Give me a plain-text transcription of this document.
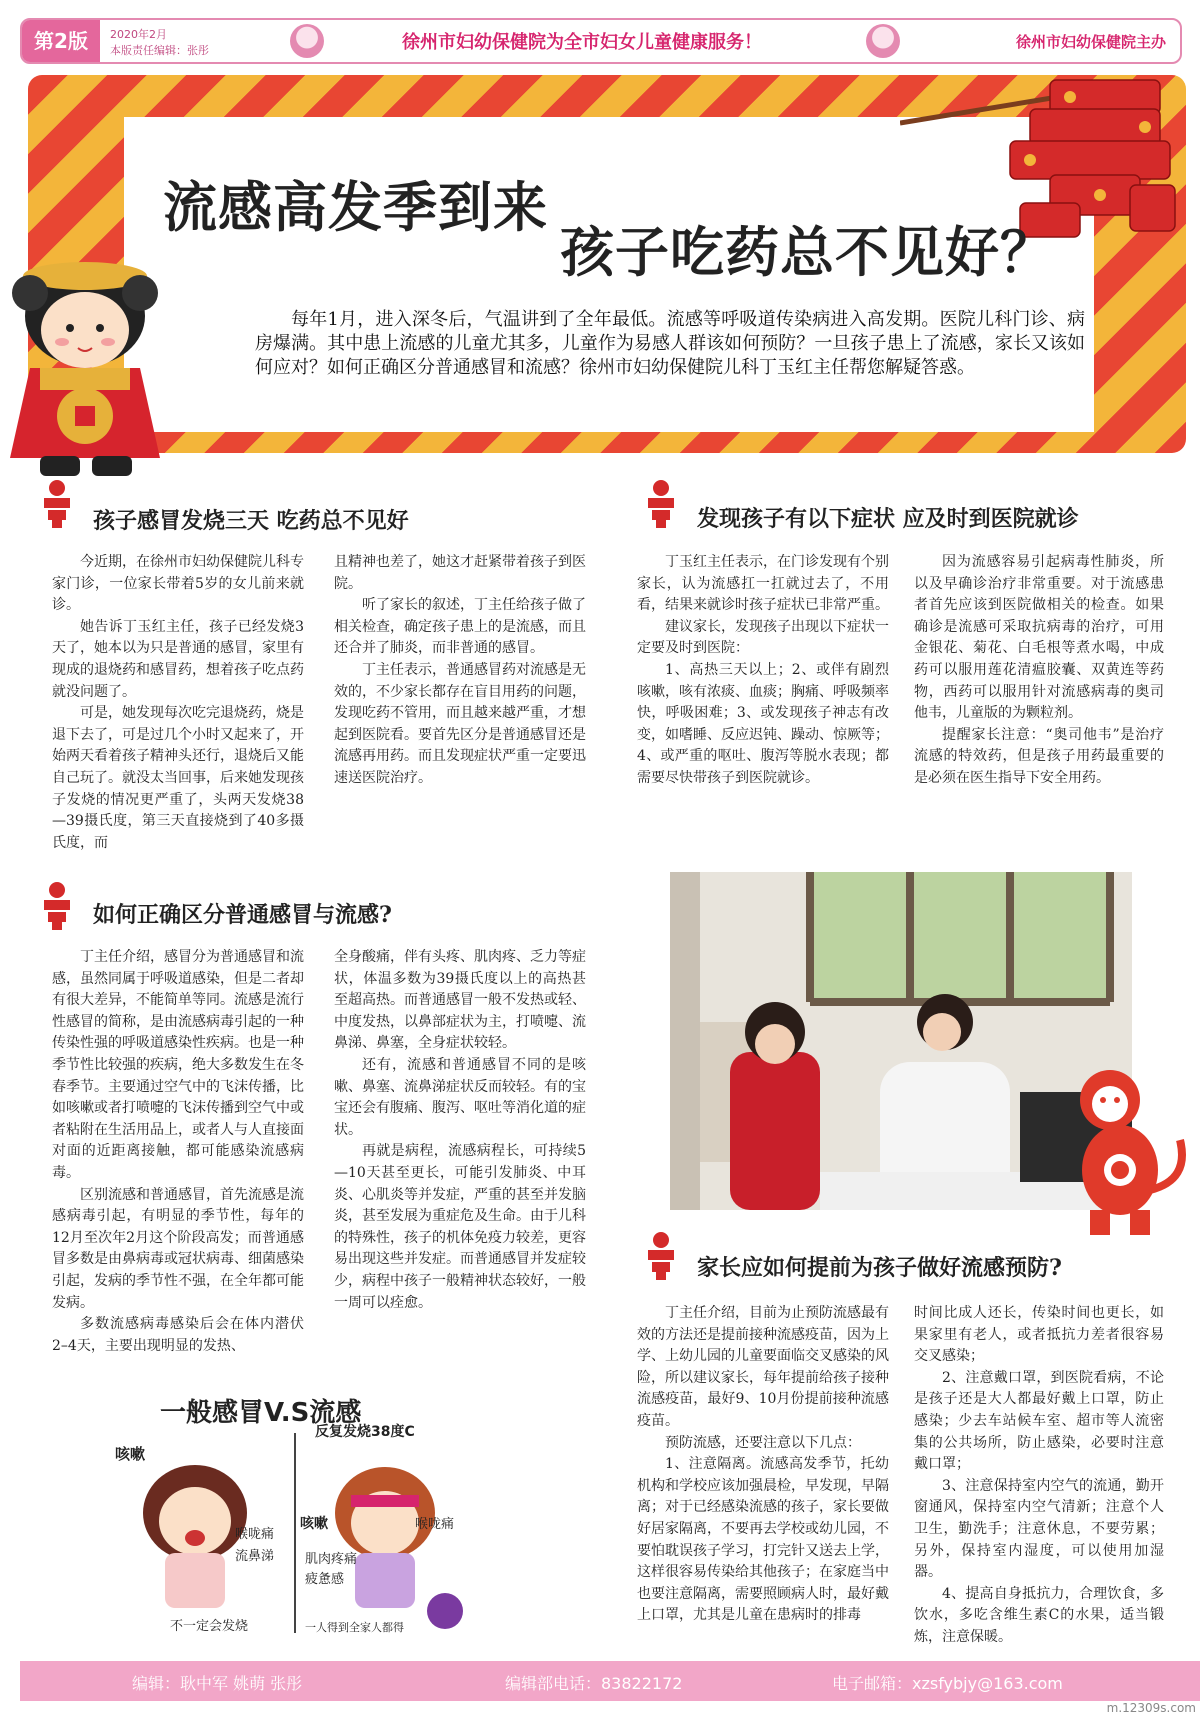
第2版	2020年2月
本版责任编辑：张彤	徐州市妇幼保健院为全市妇女儿童健康服务！	徐州市妇幼保健院主办
流感高发季到来
孩子吃药总不见好？
每年1月，进入深冬后，气温讲到了全年最低。流感等呼吸道传染病进入高发期。医院儿科门诊、病房爆满。其中患上流感的儿童尤其多，儿童作为易感人群该如何预防？一旦孩子患上了流感，家长又该如何应对？如何正确区分普通感冒和流感？徐州市妇幼保健院儿科丁玉红主任帮您解疑答惑。
孩子感冒发烧三天 吃药总不见好

今近期，在徐州市妇幼保健院儿科专家门诊，一位家长带着5岁的女儿前来就诊。

她告诉丁玉红主任，孩子已经发烧3天了，她本以为只是普通的感冒，家里有现成的退烧药和感冒药，想着孩子吃点药就没问题了。

可是，她发现每次吃完退烧药，烧是退下去了，可是过几个小时又起来了，开始两天看着孩子精神头还行，退烧后又能自己玩了。就没太当回事，后来她发现孩子发烧的情况更严重了，头两天发烧38—39摄氏度，第三天直接烧到了40多摄氏度，而

且精神也差了，她这才赶紧带着孩子到医院。

听了家长的叙述，丁主任给孩子做了相关检查，确定孩子患上的是流感，而且还合并了肺炎，而非普通的感冒。

丁主任表示，普通感冒药对流感是无效的，不少家长都存在盲目用药的问题，发现吃药不管用，而且越来越严重，才想起到医院看。要首先区分是普通感冒还是流感再用药。而且发现症状严重一定要迅速送医院治疗。

发现孩子有以下症状 应及时到医院就诊

丁玉红主任表示，在门诊发现有个别家长，认为流感扛一扛就过去了，不用看，结果来就诊时孩子症状已非常严重。

建议家长，发现孩子出现以下症状一定要及时到医院：

1、高热三天以上；2、或伴有剧烈咳嗽，咳有浓痰、血痰；胸痛、呼吸频率快，呼吸困难；3、或发现孩子神志有改变，如嗜睡、反应迟钝、躁动、惊厥等；4、或严重的呕吐、腹泻等脱水表现；都需要尽快带孩子到医院就诊。

因为流感容易引起病毒性肺炎，所以及早确诊治疗非常重要。对于流感患者首先应该到医院做相关的检查。如果确诊是流感可采取抗病毒的治疗，可用金银花、菊花、白毛根等煮水喝，中成药可以服用莲花清瘟胶囊、双黄连等药物，西药可以服用针对流感病毒的奥司他韦，儿童版的为颗粒剂。

提醒家长注意：“奥司他韦”是治疗流感的特效药，但是孩子用药最重要的是必须在医生指导下安全用药。

如何正确区分普通感冒与流感?

丁主任介绍，感冒分为普通感冒和流感，虽然同属于呼吸道感染，但是二者却有很大差异，不能简单等同。流感是流行性感冒的简称，是由流感病毒引起的一种传染性强的呼吸道感染性疾病。也是一种季节性比较强的疾病，绝大多数发生在冬春季节。主要通过空气中的飞沫传播，比如咳嗽或者打喷嚏的飞沫传播到空气中或者粘附在生活用品上，或者人与人直接面对面的近距离接触，都可能感染流感病毒。

区别流感和普通感冒，首先流感是流感病毒引起，有明显的季节性，每年的12月至次年2月这个阶段高发；而普通感冒多数是由鼻病毒或冠状病毒、细菌感染引起，发病的季节性不强，在全年都可能发病。

多数流感病毒感染后会在体内潜伏2–4天，主要出现明显的发热、

全身酸痛，伴有头疼、肌肉疼、乏力等症状，体温多数为39摄氏度以上的高热甚至超高热。而普通感冒一般不发热或轻、中度发热，以鼻部症状为主，打喷嚏、流鼻涕、鼻塞，全身症状较轻。

还有，流感和普通感冒不同的是咳嗽、鼻塞、流鼻涕症状反而较轻。有的宝宝还会有腹痛、腹泻、呕吐等消化道的症状。

再就是病程，流感病程长，可持续5—10天甚至更长，可能引发肺炎、中耳炎、心肌炎等并发症，严重的甚至并发脑炎，甚至发展为重症危及生命。由于儿科的特殊性，孩子的机体免疫力较差，更容易出现这些并发症。而普通感冒并发症较少，病程中孩子一般精神状态较好，一般一周可以痊愈。

家长应如何提前为孩子做好流感预防?

丁主任介绍，目前为止预防流感最有效的方法还是提前接种流感疫苗，因为上学、上幼儿园的儿童要面临交叉感染的风险，所以建议家长，每年提前给孩子接种流感疫苗，最好9、10月份提前接种流感疫苗。

预防流感，还要注意以下几点：

1、注意隔离。流感高发季节，托幼机构和学校应该加强晨检，早发现，早隔离；对于已经感染流感的孩子，家长要做好居家隔离，不要再去学校或幼儿园，不要怕耽误孩子学习，打完针又送去上学，这样很容易传染给其他孩子；在家庭当中也要注意隔离，需要照顾病人时，最好戴上口罩，尤其是儿童在患病时的排毒

时间比成人还长，传染时间也更长，如果家里有老人，或者抵抗力差者很容易交叉感染；

2、注意戴口罩，到医院看病，不论是孩子还是大人都最好戴上口罩，防止感染；少去车站候车室、超市等人流密集的公共场所，防止感染，必要时注意戴口罩；

3、注意保持室内空气的流通，勤开窗通风，保持室内空气清新；注意个人卫生，勤洗手；注意休息，不要劳累；另外，保持室内湿度，可以使用加湿器。

4、提高自身抵抗力，合理饮食，多饮水，多吃含维生素C的水果，适当锻炼，注意保暖。

一般感冒V.S流感
咳嗽
喉咙痛
流鼻涕
不一定会发烧
反复发烧38度C
咳嗽	喉咙痛
肌肉疼痛
疲惫感
一人得到全家人都得
编辑：耿中军 姚萌 张彤	编辑部电话：83822172	电子邮箱：xzsfybjy@163.com
m.12309s.com
